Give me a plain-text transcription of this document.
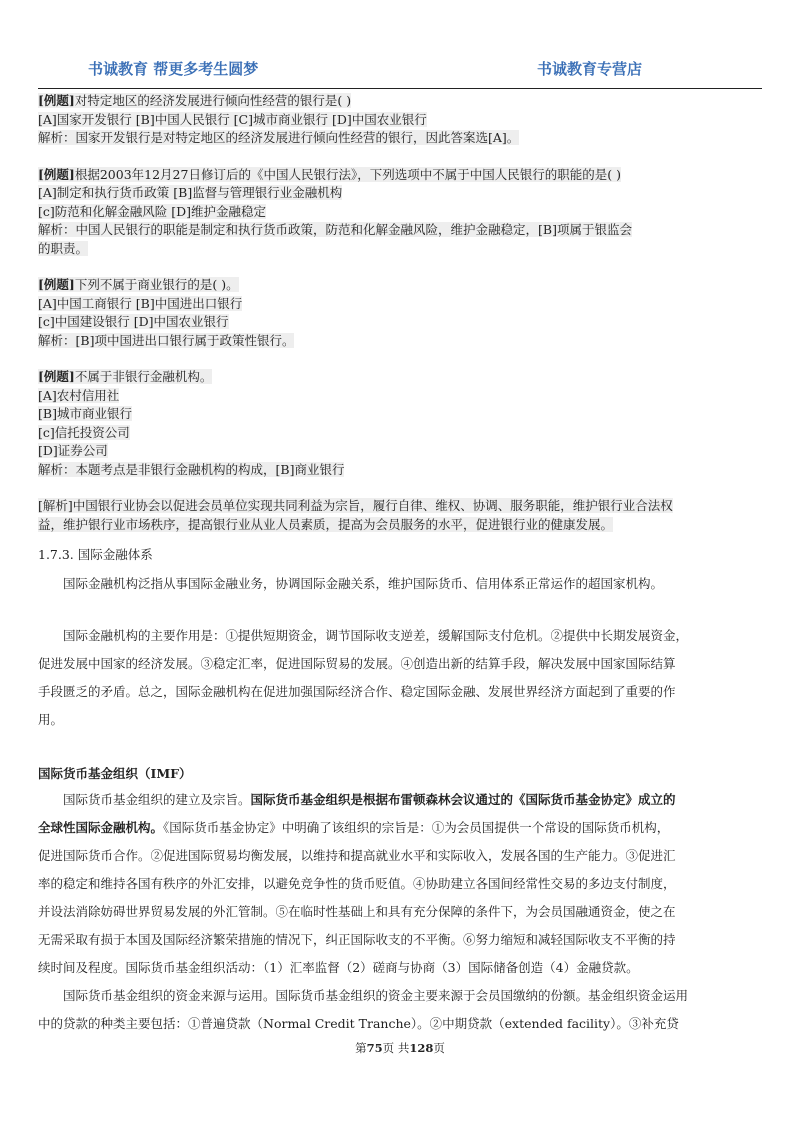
书诚教育 帮更多考生圆梦	书诚教育专营店
[例题]对特定地区的经济发展进行倾向性经营的银行是( )
[A]国家开发银行 [B]中国人民银行 [C]城市商业银行 [D]中国农业银行
解析：国家开发银行是对特定地区的经济发展进行倾向性经营的银行，因此答案选[A]。
[例题]根据2003年12月27日修订后的《中国人民银行法》，下列选项中不属于中国人民银行的职能的是( )
[A]制定和执行货币政策 [B]监督与管理银行业金融机构
[c]防范和化解金融风险 [D]维护金融稳定
解析：中国人民银行的职能是制定和执行货币政策，防范和化解金融风险，维护金融稳定，[B]项属于银监会
的职责。
[例题]下列不属于商业银行的是( )。
[A]中国工商银行 [B]中国进出口银行
[c]中国建设银行 [D]中国农业银行
解析：[B]项中国进出口银行属于政策性银行。
[例题]不属于非银行金融机构。
[A]农村信用社
[B]城市商业银行
[c]信托投资公司
[D]证券公司
解析：本题考点是非银行金融机构的构成，[B]商业银行
[解析]中国银行业协会以促进会员单位实现共同利益为宗旨，履行自律、维权、协调、服务职能，维护银行业合法权
益，维护银行业市场秩序，提高银行业从业人员素质，提高为会员服务的水平，促进银行业的健康发展。
1.7.3. 国际金融体系
国际金融机构泛指从事国际金融业务，协调国际金融关系，维护国际货币、信用体系正常运作的超国家机构。
国际金融机构的主要作用是：①提供短期资金，调节国际收支逆差，缓解国际支付危机。②提供中长期发展资金，
促进发展中国家的经济发展。③稳定汇率，促进国际贸易的发展。④创造出新的结算手段，解决发展中国家国际结算
手段匮乏的矛盾。总之，国际金融机构在促进加强国际经济合作、稳定国际金融、发展世界经济方面起到了重要的作
用。
国际货币基金组织（IMF）
国际货币基金组织的建立及宗旨。国际货币基金组织是根据布雷顿森林会议通过的《国际货币基金协定》成立的
全球性国际金融机构。《国际货币基金协定》中明确了该组织的宗旨是：①为会员国提供一个常设的国际货币机构，
促进国际货币合作。②促进国际贸易均衡发展，以维持和提高就业水平和实际收入，发展各国的生产能力。③促进汇
率的稳定和维持各国有秩序的外汇安排，以避免竞争性的货币贬值。④协助建立各国间经常性交易的多边支付制度，
并设法消除妨碍世界贸易发展的外汇管制。⑤在临时性基础上和具有充分保障的条件下，为会员国融通资金，使之在
无需采取有损于本国及国际经济繁荣措施的情况下，纠正国际收支的不平衡。⑥努力缩短和减轻国际收支不平衡的持
续时间及程度。国际货币基金组织活动：（1）汇率监督（2）磋商与协商（3）国际储备创造（4）金融贷款。
国际货币基金组织的资金来源与运用。国际货币基金组织的资金主要来源于会员国缴纳的份额。基金组织资金运用
中的贷款的种类主要包括：①普遍贷款（Normal Credit Tranche）。②中期贷款（extended facility）。③补充贷
第75页 共128页
